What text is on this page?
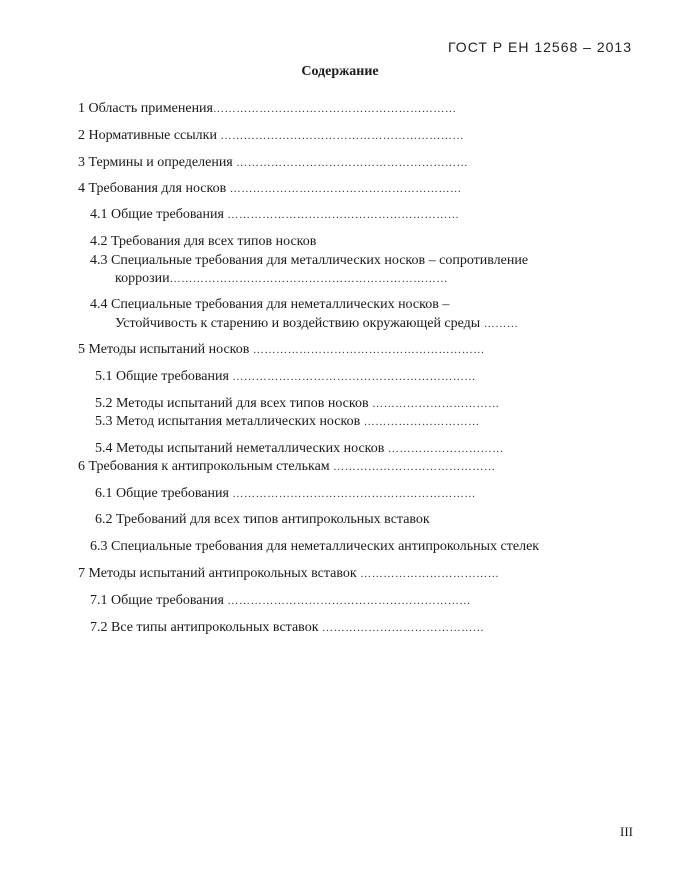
ГОСТ Р ЕН 12568 – 2013
Содержание
1 Область применения………………………………………………………
2 Нормативные ссылки ………………………………………………………
3 Термины и определения ……………………………………………………
4 Требования для носков ……………………………………………………
4.1 Общие требования ……………………………………………………
4.2 Требования для всех типов носков
4.3 Специальные требования для металлических носков – сопротивление
коррозии………………………………………………………………
4.4 Специальные требования для неметаллических носков –
Устойчивость к старению и воздействию окружающей среды ………
5 Методы испытаний носков ……………………………………………………
5.1 Общие требования ………………………………………………………
5.2 Методы испытаний для всех типов носков ……………………………
5.3 Метод испытания металлических носков …………………………
5.4 Методы испытаний неметаллических носков …………………………
6 Требования к антипрокольным стелькам ……………………………………
6.1 Общие требования ………………………………………………………
6.2 Требований для всех типов антипрокольных вставок
6.3 Специальные требования для неметаллических антипрокольных стелек
7 Методы испытаний антипрокольных вставок ………………………………
7.1 Общие требования ………………………………………………………
7.2 Все типы антипрокольных вставок ……………………………………
III
